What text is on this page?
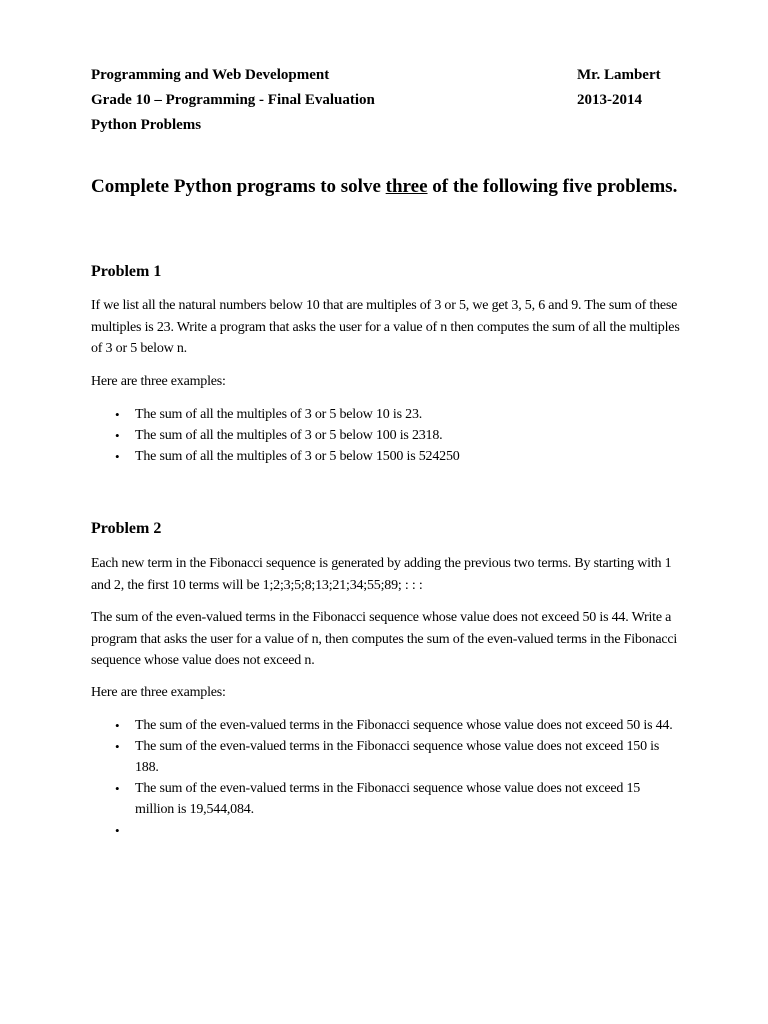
Programming and Web Development	Mr. Lambert
Grade 10 – Programming - Final Evaluation	2013-2014
Python Problems

Complete Python programs to solve three of the following five problems.

Problem 1

If we list all the natural numbers below 10 that are multiples of 3 or 5, we get 3, 5, 6 and 9. The sum of these multiples is 23. Write a program that asks the user for a value of n then computes the sum of all the multiples of 3 or 5 below n.

Here are three examples:

• The sum of all the multiples of 3 or 5 below 10 is 23.
• The sum of all the multiples of 3 or 5 below 100 is 2318.
• The sum of all the multiples of 3 or 5 below 1500 is 524250
Problem 2

Each new term in the Fibonacci sequence is generated by adding the previous two terms. By starting with 1 and 2, the first 10 terms will be 1;2;3;5;8;13;21;34;55;89; : : :

The sum of the even-valued terms in the Fibonacci sequence whose value does not exceed 50 is 44. Write a program that asks the user for a value of n, then computes the sum of the even-valued terms in the Fibonacci sequence whose value does not exceed n.

Here are three examples:

• The sum of the even-valued terms in the Fibonacci sequence whose value does not exceed 50 is 44.
• The sum of the even-valued terms in the Fibonacci sequence whose value does not exceed 150 is 188.
• The sum of the even-valued terms in the Fibonacci sequence whose value does not exceed 15 million is 19,544,084.
•
